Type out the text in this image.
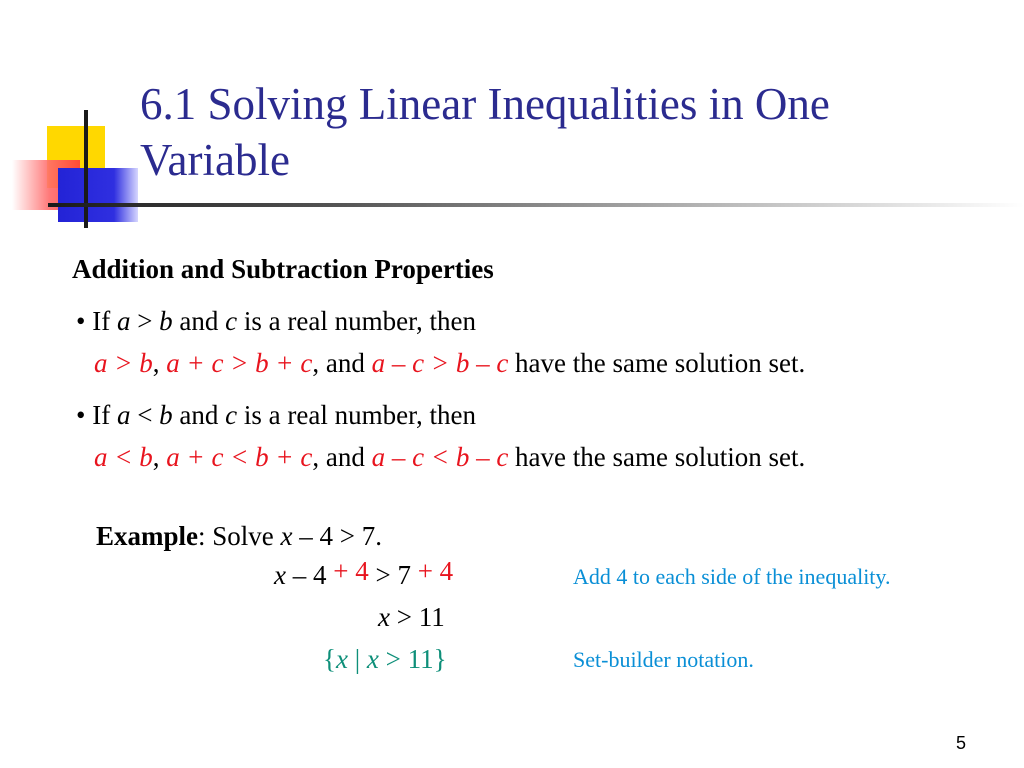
6.1 Solving Linear Inequalities in One
Variable
Addition and Subtraction Properties
• If a > b and c is a real number, then
a > b, a + c > b + c, and a – c > b – c have the same solution set.
• If a < b and c is a real number, then
a < b, a + c < b + c, and a – c < b – c have the same solution set.
Example: Solve x – 4 > 7.
x – 4 + 4 > 7 + 4	Add 4 to each side of the inequality.
x > 11
{x | x > 11}	Set-builder notation.
5
